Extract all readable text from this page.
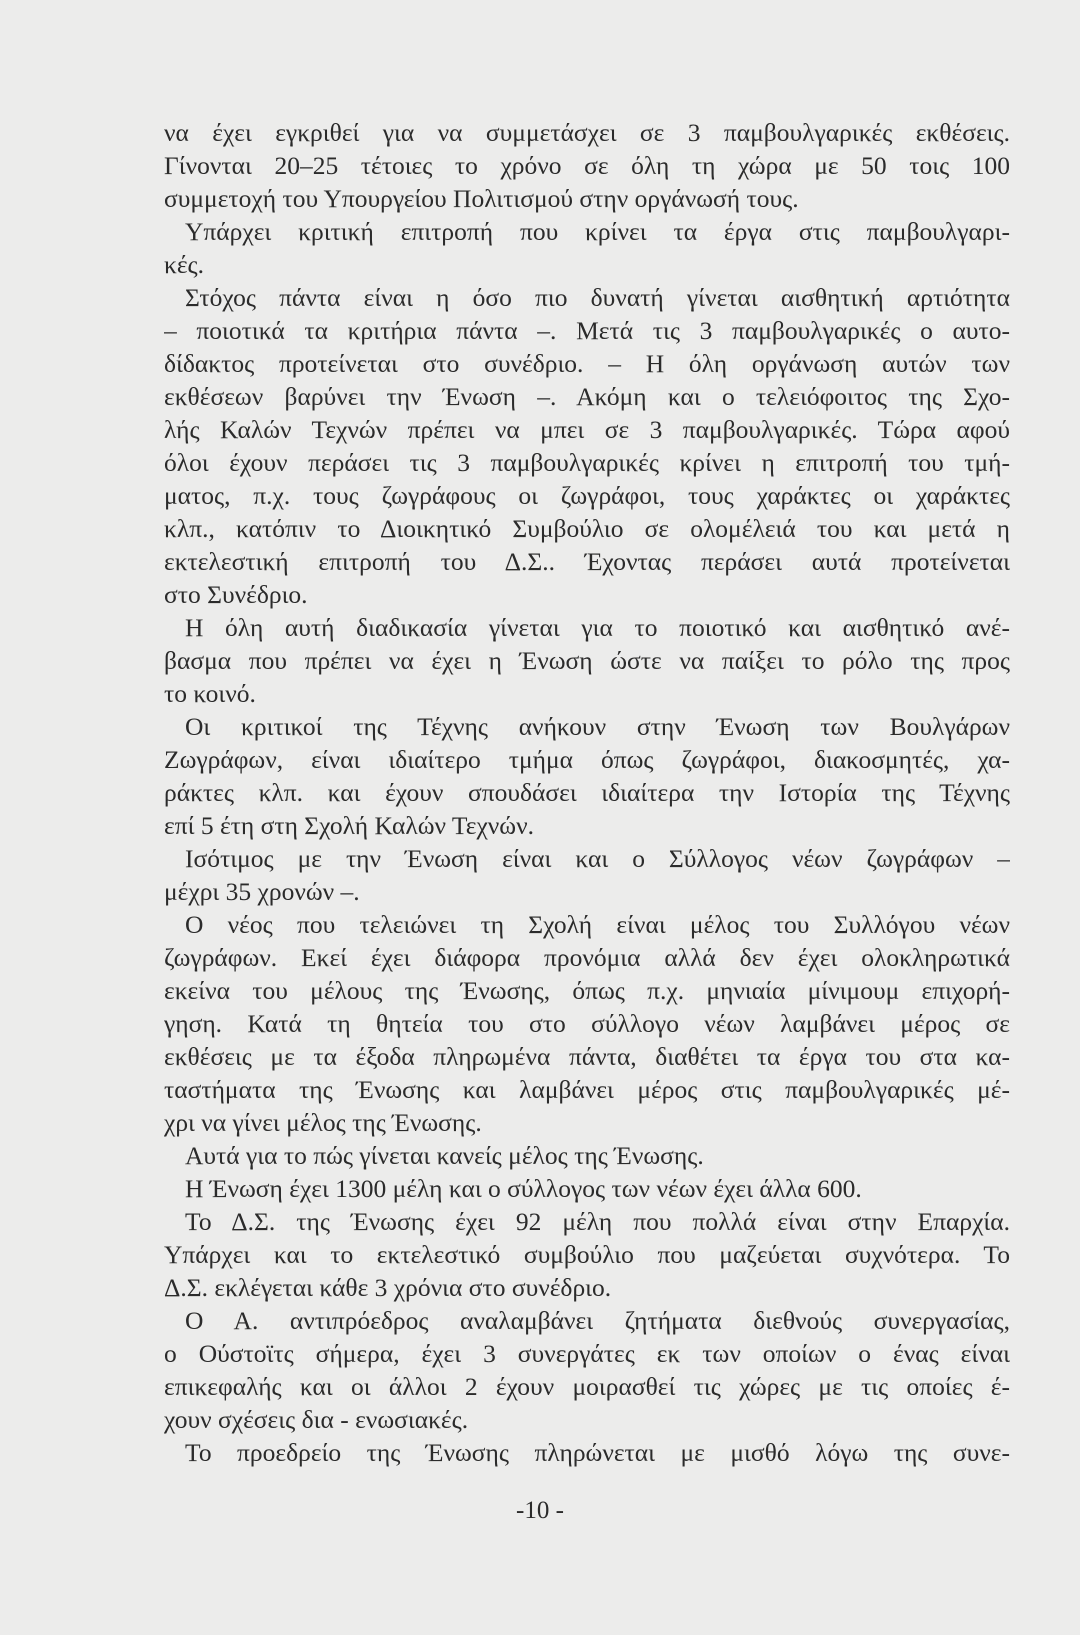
να έχει εγκριθεί για να συμμετάσχει σε 3 παμβουλγαρικές εκθέσεις.
Γίνονται 20–25 τέτοιες το χρόνο σε όλη τη χώρα με 50 τοις 100
συμμετοχή του Υπουργείου Πολιτισμού στην οργάνωσή τους.
Υπάρχει κριτική επιτροπή που κρίνει τα έργα στις παμβουλγαρι-
κές.
Στόχος πάντα είναι η όσο πιο δυνατή γίνεται αισθητική αρτιότητα
– ποιοτικά τα κριτήρια πάντα –. Μετά τις 3 παμβουλγαρικές ο αυτο-
δίδακτος προτείνεται στο συνέδριο. – Η όλη οργάνωση αυτών των
εκθέσεων βαρύνει την Ένωση –. Ακόμη και ο τελειόφοιτος της Σχο-
λής Καλών Τεχνών πρέπει να μπει σε 3 παμβουλγαρικές. Τώρα αφού
όλοι έχουν περάσει τις 3 παμβουλγαρικές κρίνει η επιτροπή του τμή-
ματος, π.χ. τους ζωγράφους οι ζωγράφοι, τους χαράκτες οι χαράκτες
κλπ., κατόπιν το Διοικητικό Συμβούλιο σε ολομέλειά του και μετά η
εκτελεστική επιτροπή του Δ.Σ.. Έχοντας περάσει αυτά προτείνεται
στο Συνέδριο.
Η όλη αυτή διαδικασία γίνεται για το ποιοτικό και αισθητικό ανέ-
βασμα που πρέπει να έχει η Ένωση ώστε να παίξει το ρόλο της προς
το κοινό.
Οι κριτικοί της Τέχνης ανήκουν στην Ένωση των Βουλγάρων
Ζωγράφων, είναι ιδιαίτερο τμήμα όπως ζωγράφοι, διακοσμητές, χα-
ράκτες κλπ. και έχουν σπουδάσει ιδιαίτερα την Ιστορία της Τέχνης
επί 5 έτη στη Σχολή Καλών Τεχνών.
Ισότιμος με την Ένωση είναι και ο Σύλλογος νέων ζωγράφων –
μέχρι 35 χρονών –.
Ο νέος που τελειώνει τη Σχολή είναι μέλος του Συλλόγου νέων
ζωγράφων. Εκεί έχει διάφορα προνόμια αλλά δεν έχει ολοκληρωτικά
εκείνα του μέλους της Ένωσης, όπως π.χ. μηνιαία μίνιμουμ επιχορή-
γηση. Κατά τη θητεία του στο σύλλογο νέων λαμβάνει μέρος σε
εκθέσεις με τα έξοδα πληρωμένα πάντα, διαθέτει τα έργα του στα κα-
ταστήματα της Ένωσης και λαμβάνει μέρος στις παμβουλγαρικές μέ-
χρι να γίνει μέλος της Ένωσης.
Αυτά για το πώς γίνεται κανείς μέλος της Ένωσης.
Η Ένωση έχει 1300 μέλη και ο σύλλογος των νέων έχει άλλα 600.
Το Δ.Σ. της Ένωσης έχει 92 μέλη που πολλά είναι στην Επαρχία.
Υπάρχει και το εκτελεστικό συμβούλιο που μαζεύεται συχνότερα. Το
Δ.Σ. εκλέγεται κάθε 3 χρόνια στο συνέδριο.
Ο Α. αντιπρόεδρος αναλαμβάνει ζητήματα διεθνούς συνεργασίας,
ο Ούστοϊτς σήμερα, έχει 3 συνεργάτες εκ των οποίων ο ένας είναι
επικεφαλής και οι άλλοι 2 έχουν μοιρασθεί τις χώρες με τις οποίες έ-
χουν σχέσεις δια - ενωσιακές.
Το προεδρείο της Ένωσης πληρώνεται με μισθό λόγω της συνε-
-10 -
